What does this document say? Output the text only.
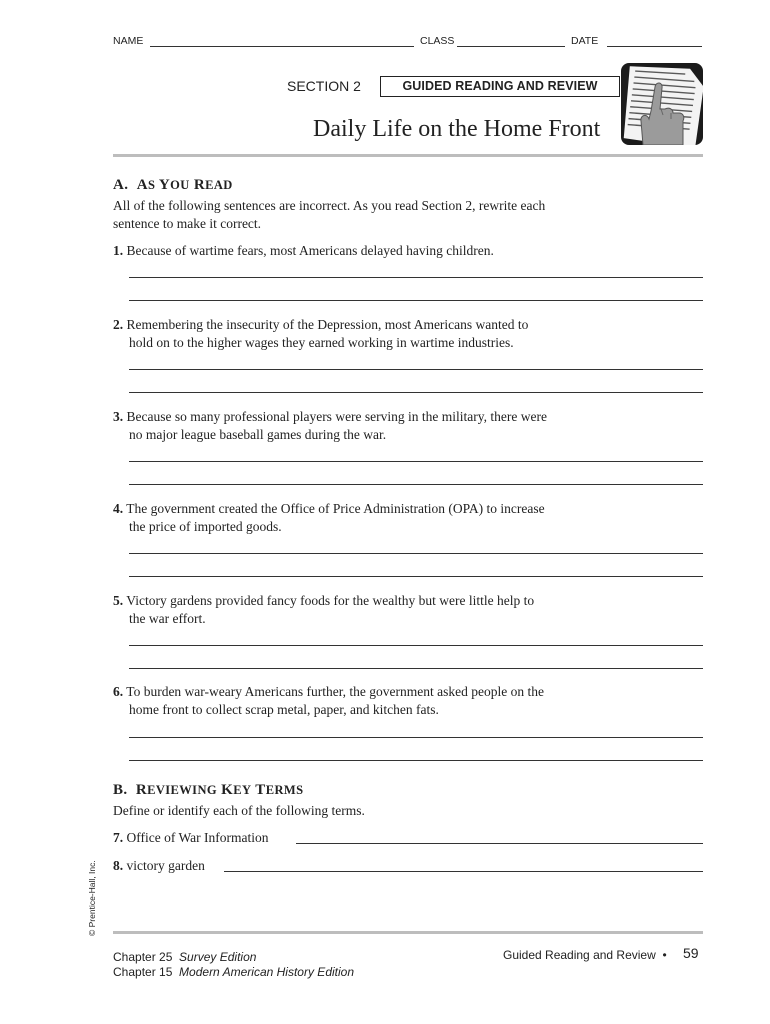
NAME	CLASS	DATE
SECTION 2	GUIDED READING AND REVIEW
Daily Life on the Home Front
A. AS YOU READ
All of the following sentences are incorrect. As you read Section 2, rewrite each
sentence to make it correct.
1. Because of wartime fears, most Americans delayed having children.
2. Remembering the insecurity of the Depression, most Americans wanted to
hold on to the higher wages they earned working in wartime industries.
3. Because so many professional players were serving in the military, there were
no major league baseball games during the war.
4. The government created the Office of Price Administration (OPA) to increase
the price of imported goods.
5. Victory gardens provided fancy foods for the wealthy but were little help to
the war effort.
6. To burden war-weary Americans further, the government asked people on the
home front to collect scrap metal, paper, and kitchen fats.
B. REVIEWING KEY TERMS
Define or identify each of the following terms.
7. Office of War Information
8. victory garden
© Prentice-Hall, Inc.
Chapter 25 Survey Edition
Chapter 15 Modern American History Edition
Guided Reading and Review • 59
